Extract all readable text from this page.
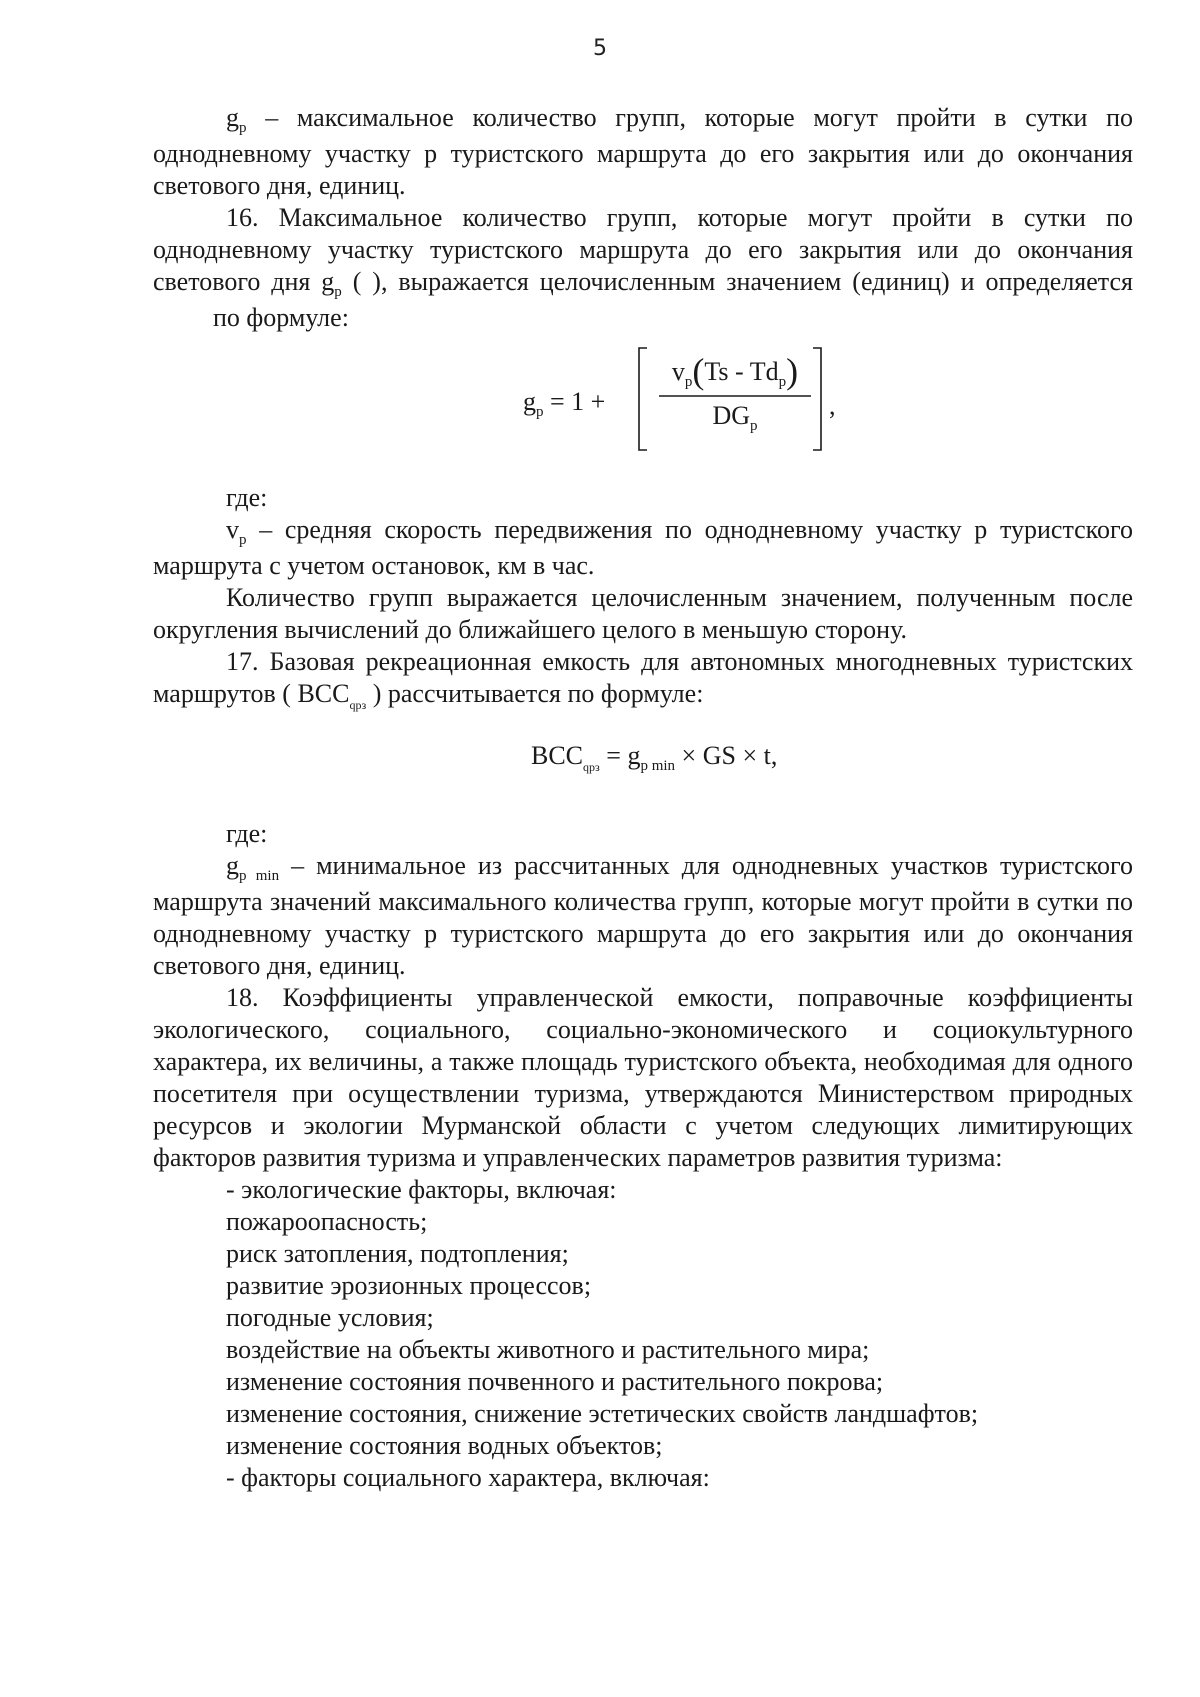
5

$g_p$ – максимальное количество групп, которые могут пройти в сутки по однодневному участку р туристского маршрута до его закрытия или до окончания светового дня, единиц.

16. Максимальное количество групп, которые могут пройти в сутки по однодневному участку туристского маршрута до его закрытия или до окончания светового дня $g_p$ ( ), выражается целочисленным значением (единиц) и определяетсяпо формуле:

$g_p = 1$ +
$v_p(Ts - Td_p)$
$DG_p$
,

где:

$v_p$ – средняя скорость передвижения по однодневному участку р туристского маршрута с учетом остановок, км в час.

Количество групп выражается целочисленным значением, полученным после округления вычислений до ближайшего целого в меньшую сторону.

17. Базовая рекреационная емкость для автономных многодневных туристских маршрутов ( $BCC_{qpз}$ ) рассчитывается по формуле:

$BCC_{qpз} = g_{p min}$ × GS × t,

где:

$g_{p min}$ – минимальное из рассчитанных для однодневных участков туристского маршрута значений максимального количества групп, которые могут пройти в сутки по однодневному участку р туристского маршрута до его закрытия или до окончания светового дня, единиц.

18. Коэффициенты управленческой емкости, поправочные коэффициенты экологического, социального, социально-экономического и социокультурного характера, их величины, а также площадь туристского объекта, необходимая для одного посетителя при осуществлении туризма, утверждаются Министерством природных ресурсов и экологии Мурманской области с учетом следующих лимитирующих факторов развития туризма и управленческих параметров развития туризма:

- экологические факторы, включая:

пожароопасность;

риск затопления, подтопления;

развитие эрозионных процессов;

погодные условия;

воздействие на объекты животного и растительного мира;

изменение состояния почвенного и растительного покрова;

изменение состояния, снижение эстетических свойств ландшафтов;

изменение состояния водных объектов;

- факторы социального характера, включая:
